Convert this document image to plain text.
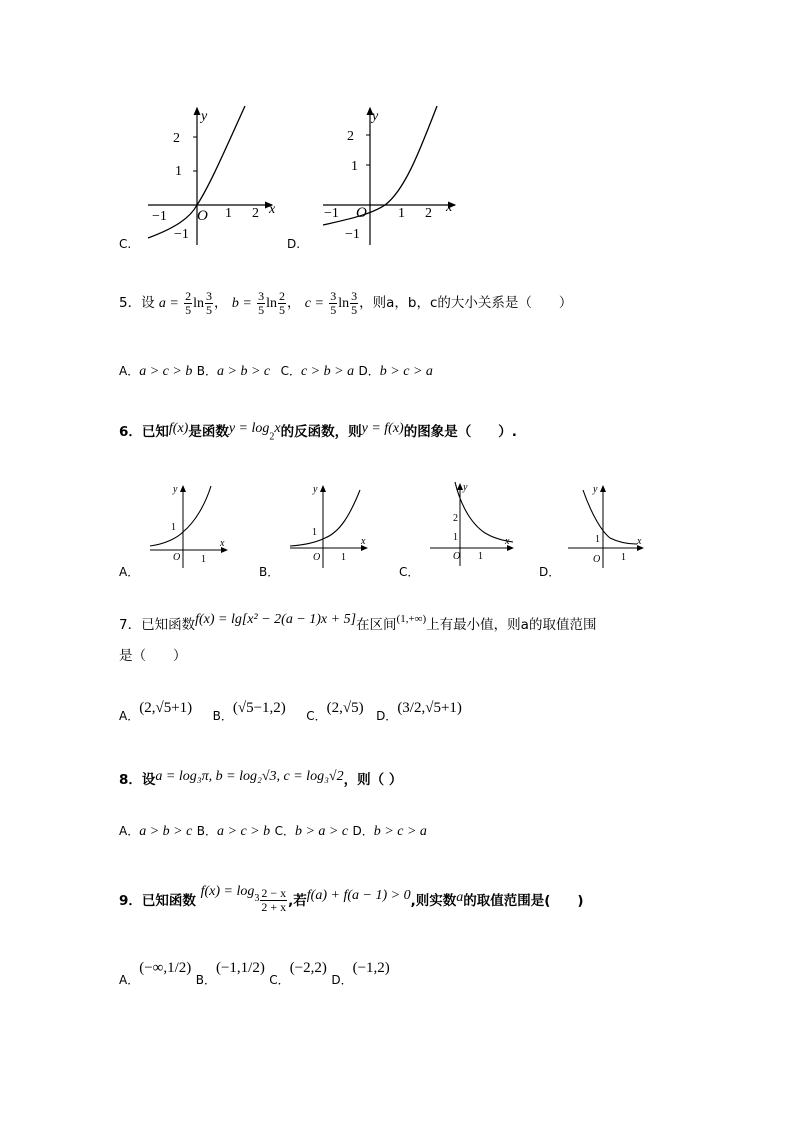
2
1
−1	1 2
O
−1
x
y
C.
2
1
−1	1 2
O
−1
x
y
D.
5．设 $a = \frac{2}{5}$ $\ln \frac{3}{5}$ ， $b = \frac{3}{5}$ $\ln \frac{2}{5}$ ， $c = \frac{3}{5}$ $\ln \frac{3}{5}$ ，则a，b，c的大小关系是（　　）
A．a > c > b B．a > b > c C．c > b > a D．b > c > a
6．已知f(x)是函数$y = \log_2x$的反函数，则y = f(x)的图象是（　　）.
1
O 1
x
y
A．
1
O 1
x
y
B．
2
1
O 1
x
y
C．
1
O 1
x
y
D．
7．已知函数f(x) = lg[x² − 2(a − 1)x + 5]在区间$^{(1,+\infty)}$上有最小值，则a的取值范围
是（　　）
A．(2,√5+1) B．(√5−1,2) C．(2,√5) D．(3/2,√5+1)
8．设a = log₃π, b = log₂√3, c = log₃√2，则（ ）
A．a > b > c B．a > c > b C．b > a > c D．b > c > a
9．已知函数 $f(x) = \log_3 \frac{2 - x}{2 + x}$ ,若f(a) + f(a − 1) > 0,则实数a的取值范围是(　　)
A．(−∞,1/2) B．(−1,1/2) C．(−2,2) D．(−1,2)
